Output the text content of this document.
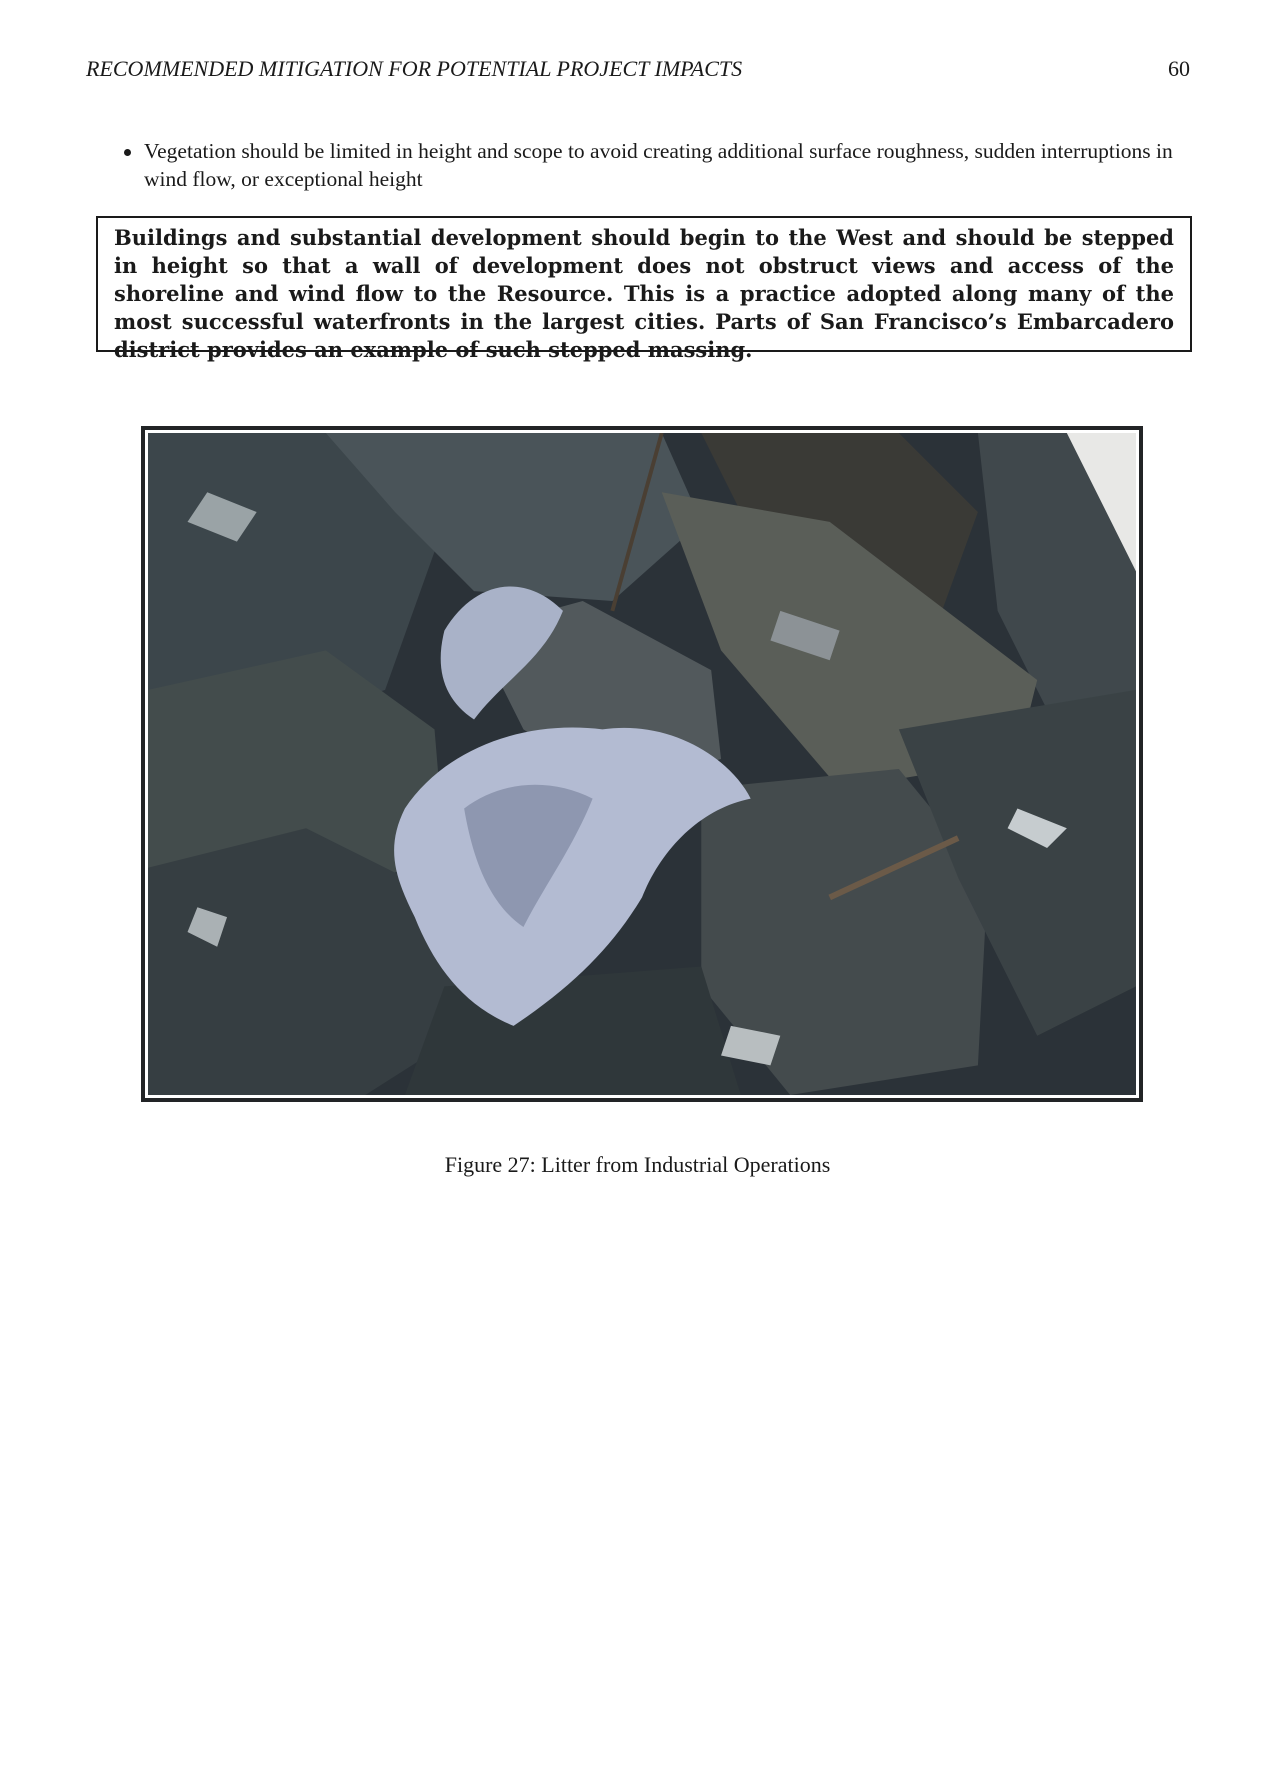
RECOMMENDED MITIGATION FOR POTENTIAL PROJECT IMPACTS	60
Vegetation should be limited in height and scope to avoid creating additional surface roughness, sudden interruptions in wind flow, or exceptional height
Buildings and substantial development should begin to the West and should be stepped in height so that a wall of development does not obstruct views and access of the shoreline and wind flow to the Resource. This is a practice adopted along many of the most successful waterfronts in the largest cities. Parts of San Francisco’s Embarcadero district provides an example of such stepped massing.
Figure 27: Litter from Industrial Operations
